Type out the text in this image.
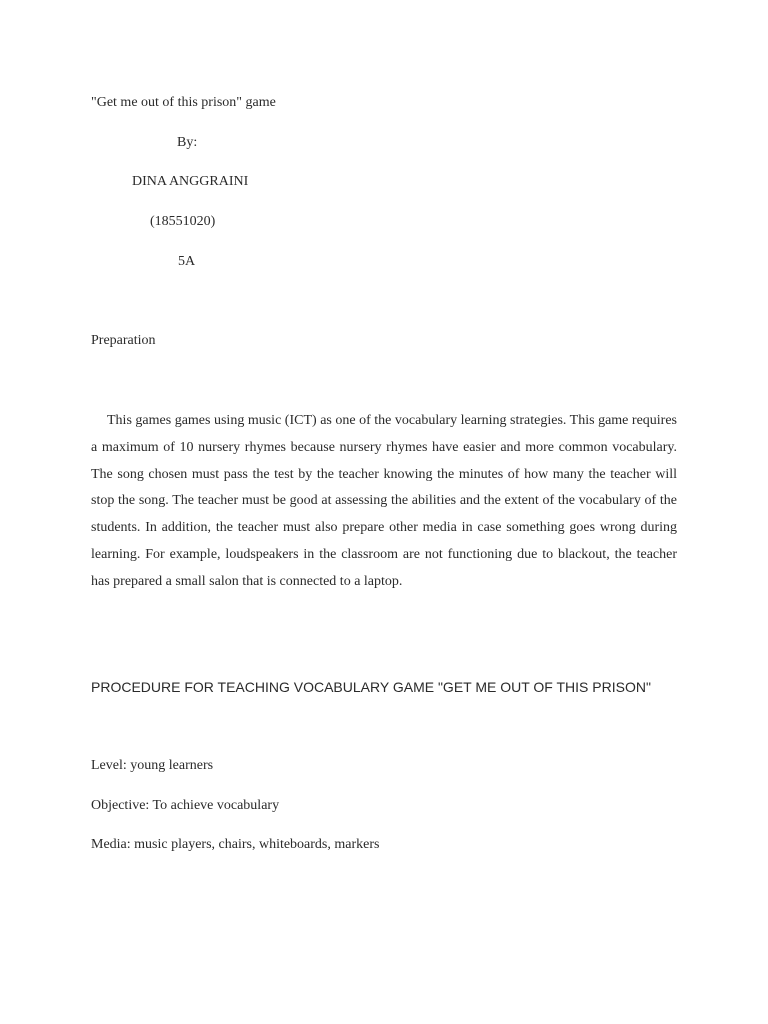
"Get me out of this prison" game
By:
DINA ANGGRAINI
(18551020)
5A
Preparation

This games games using music (ICT) as one of the vocabulary learning strategies. This game requires a maximum of 10 nursery rhymes because nursery rhymes have easier and more common vocabulary. The song chosen must pass the test by the teacher knowing the minutes of how many the teacher will stop the song. The teacher must be good at assessing the abilities and the extent of the vocabulary of the students. In addition, the teacher must also prepare other media in case something goes wrong during learning. For example, loudspeakers in the classroom are not functioning due to blackout, the teacher has prepared a small salon that is connected to a laptop.

PROCEDURE FOR TEACHING VOCABULARY GAME "GET ME OUT OF THIS PRISON"
Level: young learners
Objective: To achieve vocabulary
Media: music players, chairs, whiteboards, markers
